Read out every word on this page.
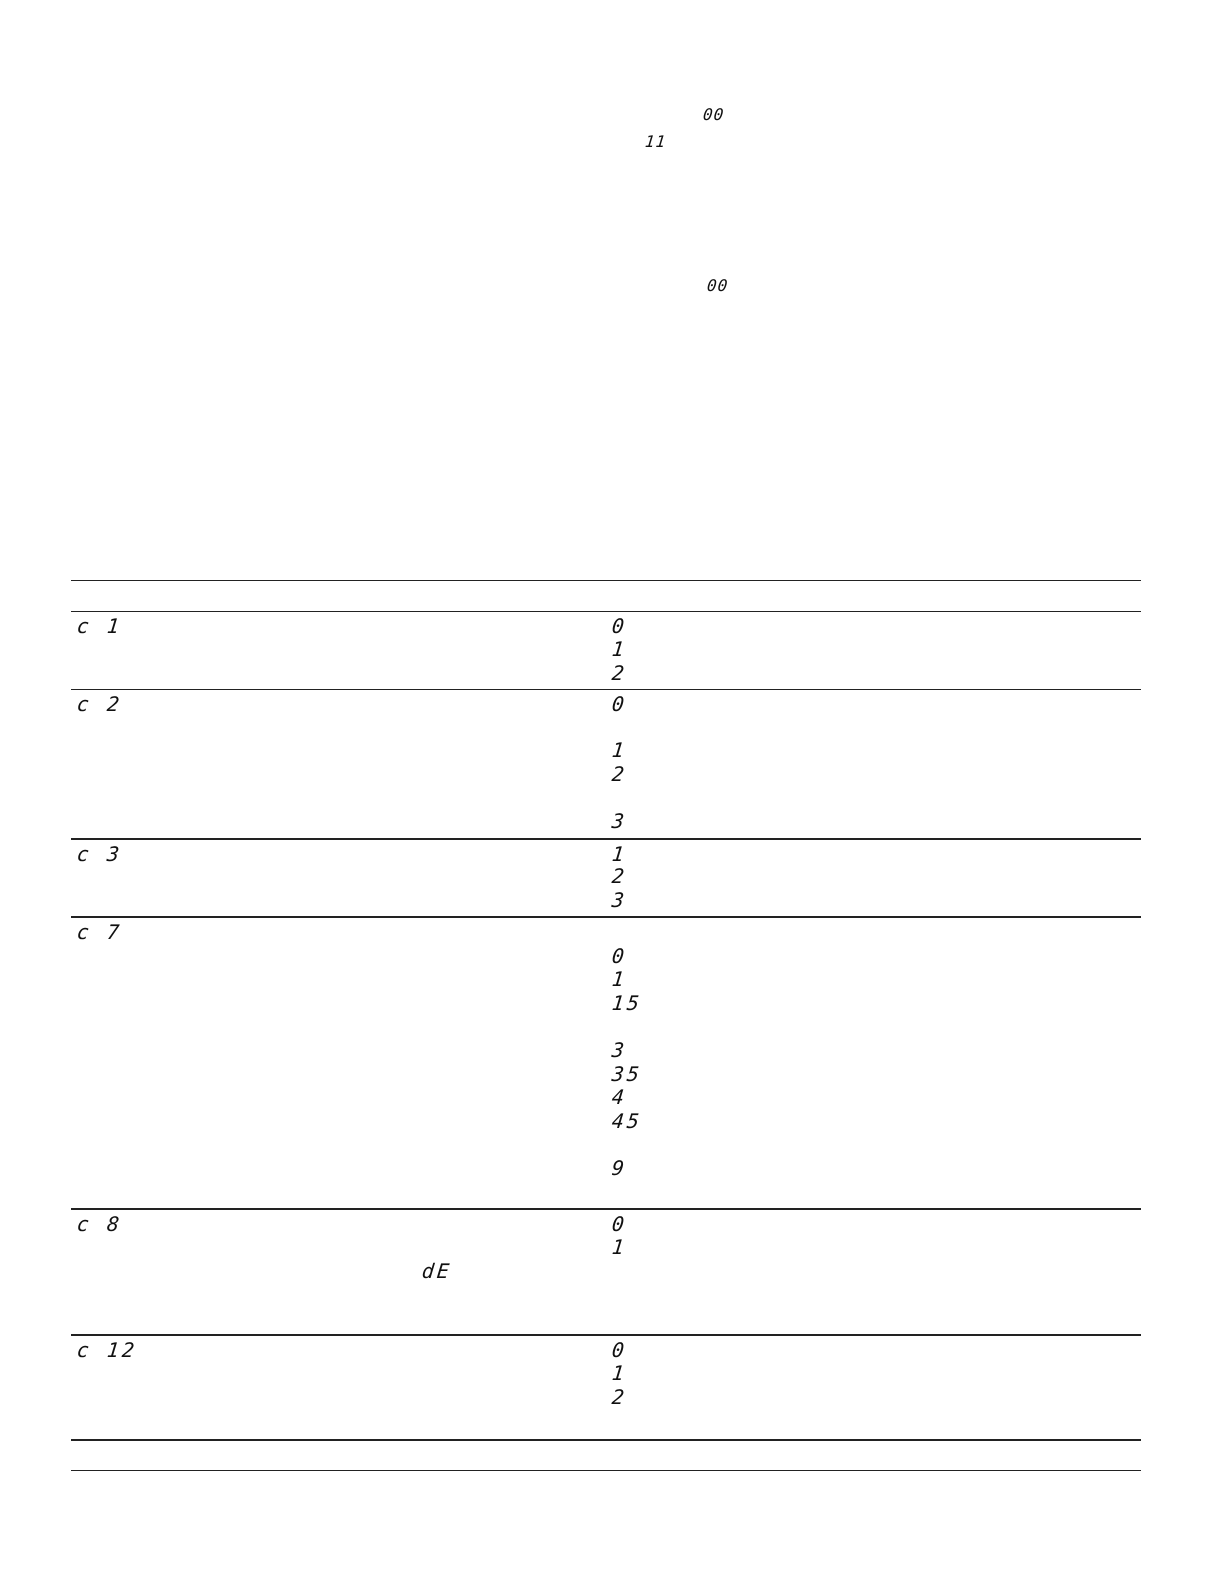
00
11
00
c 1	0
1
2
c 2	0
1
2
3
c 3	1
2
3
c 7
0
1
15
3
35
4
45
9
c 8	0
1
dE
c 12	0
1
2
